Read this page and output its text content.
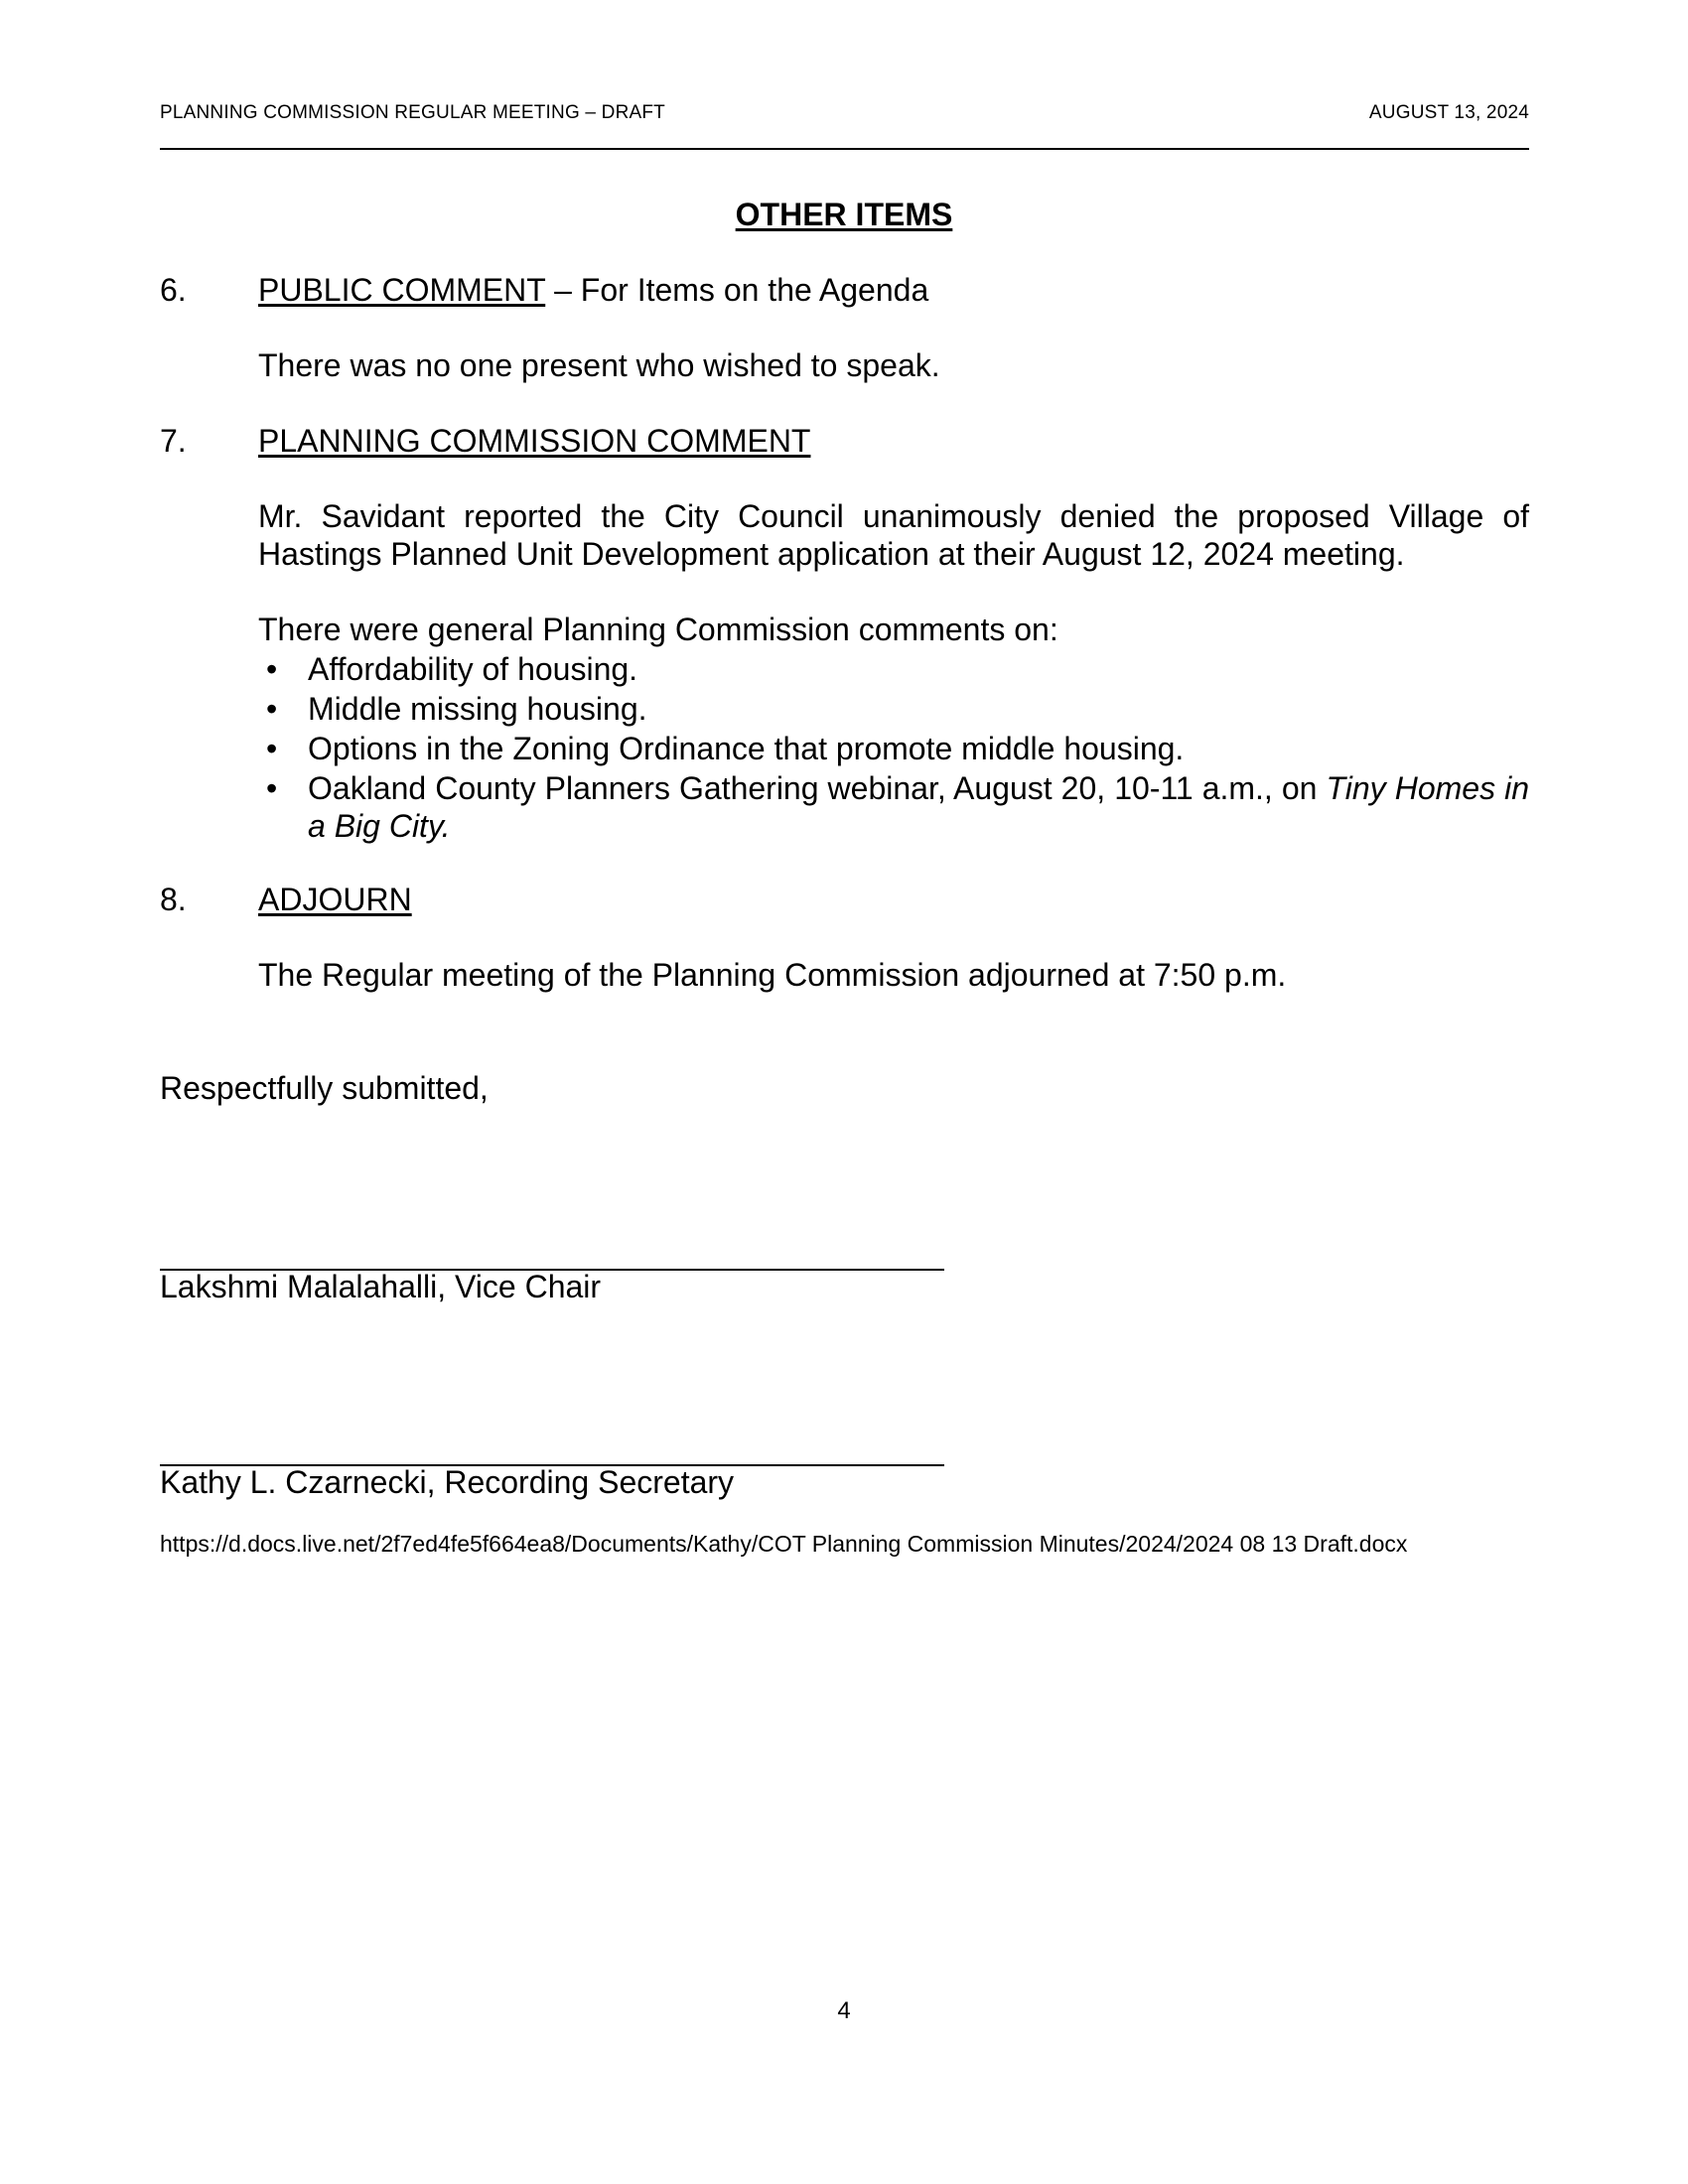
PLANNING COMMISSION REGULAR MEETING – DRAFT	AUGUST 13, 2024
OTHER ITEMS
6. PUBLIC COMMENT – For Items on the Agenda
There was no one present who wished to speak.
7. PLANNING COMMISSION COMMENT
Mr. Savidant reported the City Council unanimously denied the proposed Village of Hastings Planned Unit Development application at their August 12, 2024 meeting.
There were general Planning Commission comments on:
• Affordability of housing.
• Middle missing housing.
• Options in the Zoning Ordinance that promote middle housing.
• Oakland County Planners Gathering webinar, August 20, 10-11 a.m., on Tiny Homes in a Big City.
8. ADJOURN
The Regular meeting of the Planning Commission adjourned at 7:50 p.m.
Respectfully submitted,
Lakshmi Malalahalli, Vice Chair
Kathy L. Czarnecki, Recording Secretary
https://d.docs.live.net/2f7ed4fe5f664ea8/Documents/Kathy/COT Planning Commission Minutes/2024/2024 08 13 Draft.docx
4
